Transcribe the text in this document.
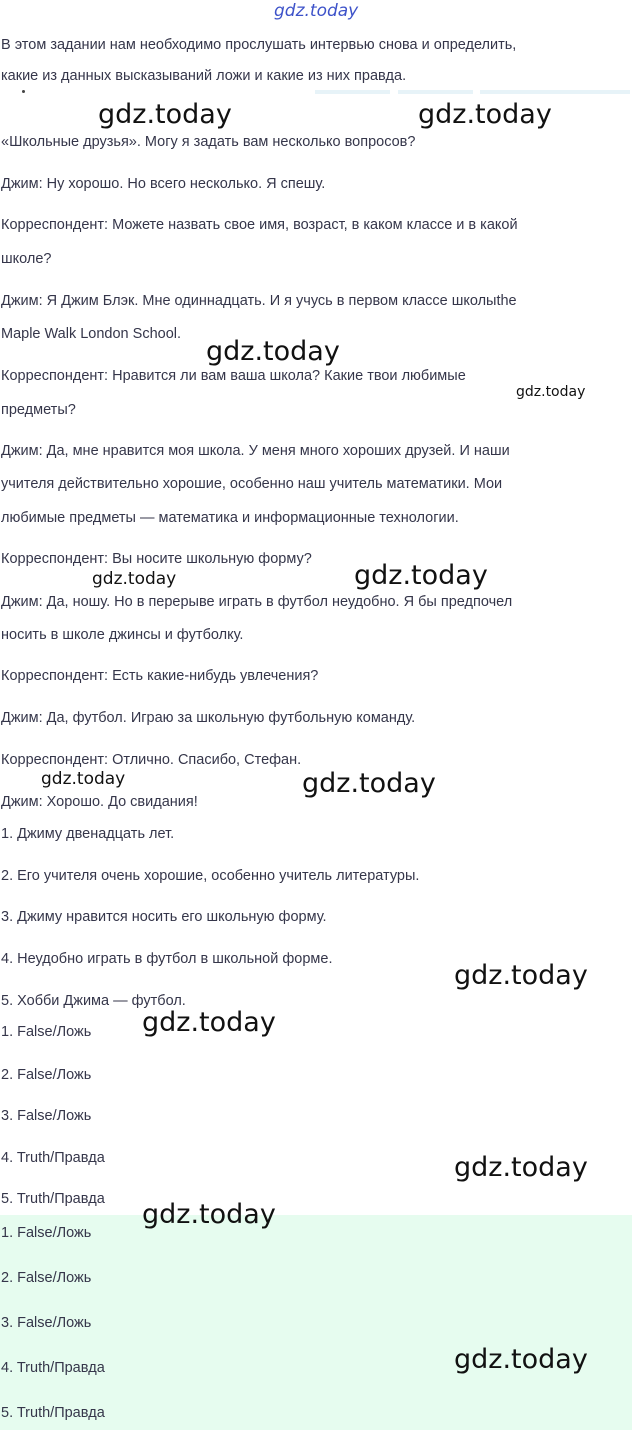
gdz.today
В этом задании нам необходимо прослушать интервью снова и определить,
какие из данных высказываний ложи и какие из них правда.
«Школьные друзья». Могу я задать вам несколько вопросов?
Джим: Ну хорошо. Но всего несколько. Я спешу.
Корреспондент: Можете назвать свое имя, возраст, в каком классе и в какой
школе?
Джим: Я Джим Блэк. Мне одиннадцать. И я учусь в первом классе школыthe
Maple Walk London School.
Корреспондент: Нравится ли вам ваша школа? Какие твои любимые
предметы?
Джим: Да, мне нравится моя школа. У меня много хороших друзей. И наши
учителя действительно хорошие, особенно наш учитель математики. Мои
любимые предметы — математика и информационные технологии.
Корреспондент: Вы носите школьную форму?
Джим: Да, ношу. Но в перерыве играть в футбол неудобно. Я бы предпочел
носить в школе джинсы и футболку.
Корреспондент: Есть какие-нибудь увлечения?
Джим: Да, футбол. Играю за школьную футбольную команду.
Корреспондент: Отлично. Спасибо, Стефан.
Джим: Хорошо. До свидания!
1. Джиму двенадцать лет.
2. Его учителя очень хорошие, особенно учитель литературы.
3. Джиму нравится носить его школьную форму.
4. Неудобно играть в футбол в школьной форме.
5. Хобби Джима — футбол.
1. False/Ложь
2. False/Ложь
3. False/Ложь
4. Truth/Правда
5. Truth/Правда
1. False/Ложь
2. False/Ложь
3. False/Ложь
4. Truth/Правда
5. Truth/Правда
gdz.today	gdz.today
gdz.today
gdz.today
gdz.today	gdz.today
gdz.today	gdz.today
gdz.today
gdz.today
gdz.today
gdz.today
gdz.today
